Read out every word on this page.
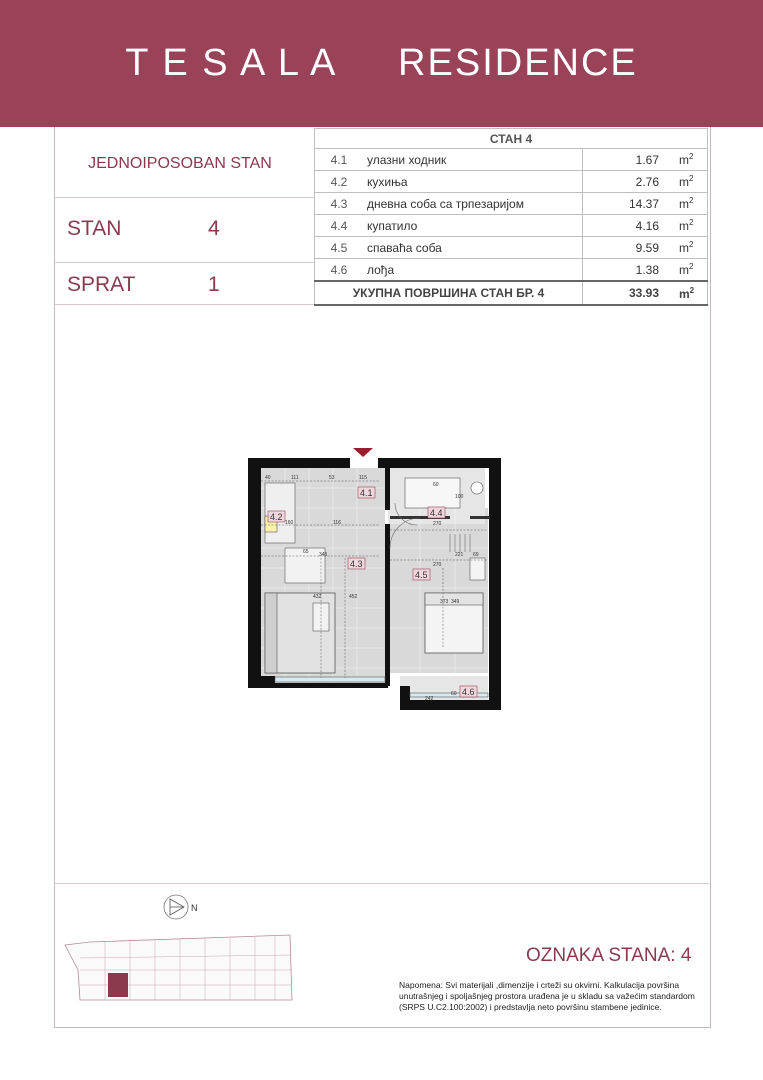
T E S A L A     RESIDENCE
JEDNOIPOSOBAN STAN
STAN	4
SPRAT	1
СТАН 4			
4.1	улазни ходник	1.67	$m^2$
4.2	кухиња	2.76	$m^2$
4.3	дневна соба са трпезаријом	14.37	$m^2$
4.4	купатило	4.16	$m^2$
4.5	спаваћа соба	9.59	$m^2$
4.6	лођа	1.38	$m^2$
УКУПНА ПОВРШИНА СТАН БР. 4		33.93	$m^2$
40	111	53	115
60
100
160	116
65 345
452
270
221 69
270
373 349
242
60
432
4.1
4.2
4.3
4.4
4.5
4.6
N
OZNAKA STANA: 4
Napomena: Svi materijali ,dimenzije i crteži su okvirni. Kalkulacija površina unutrašnjeg i spoljašnjeg prostora urađena je u skladu sa važećim standardom (SRPS U.C2.100:2002) i predstavlja neto površinu stambene jedinice.
